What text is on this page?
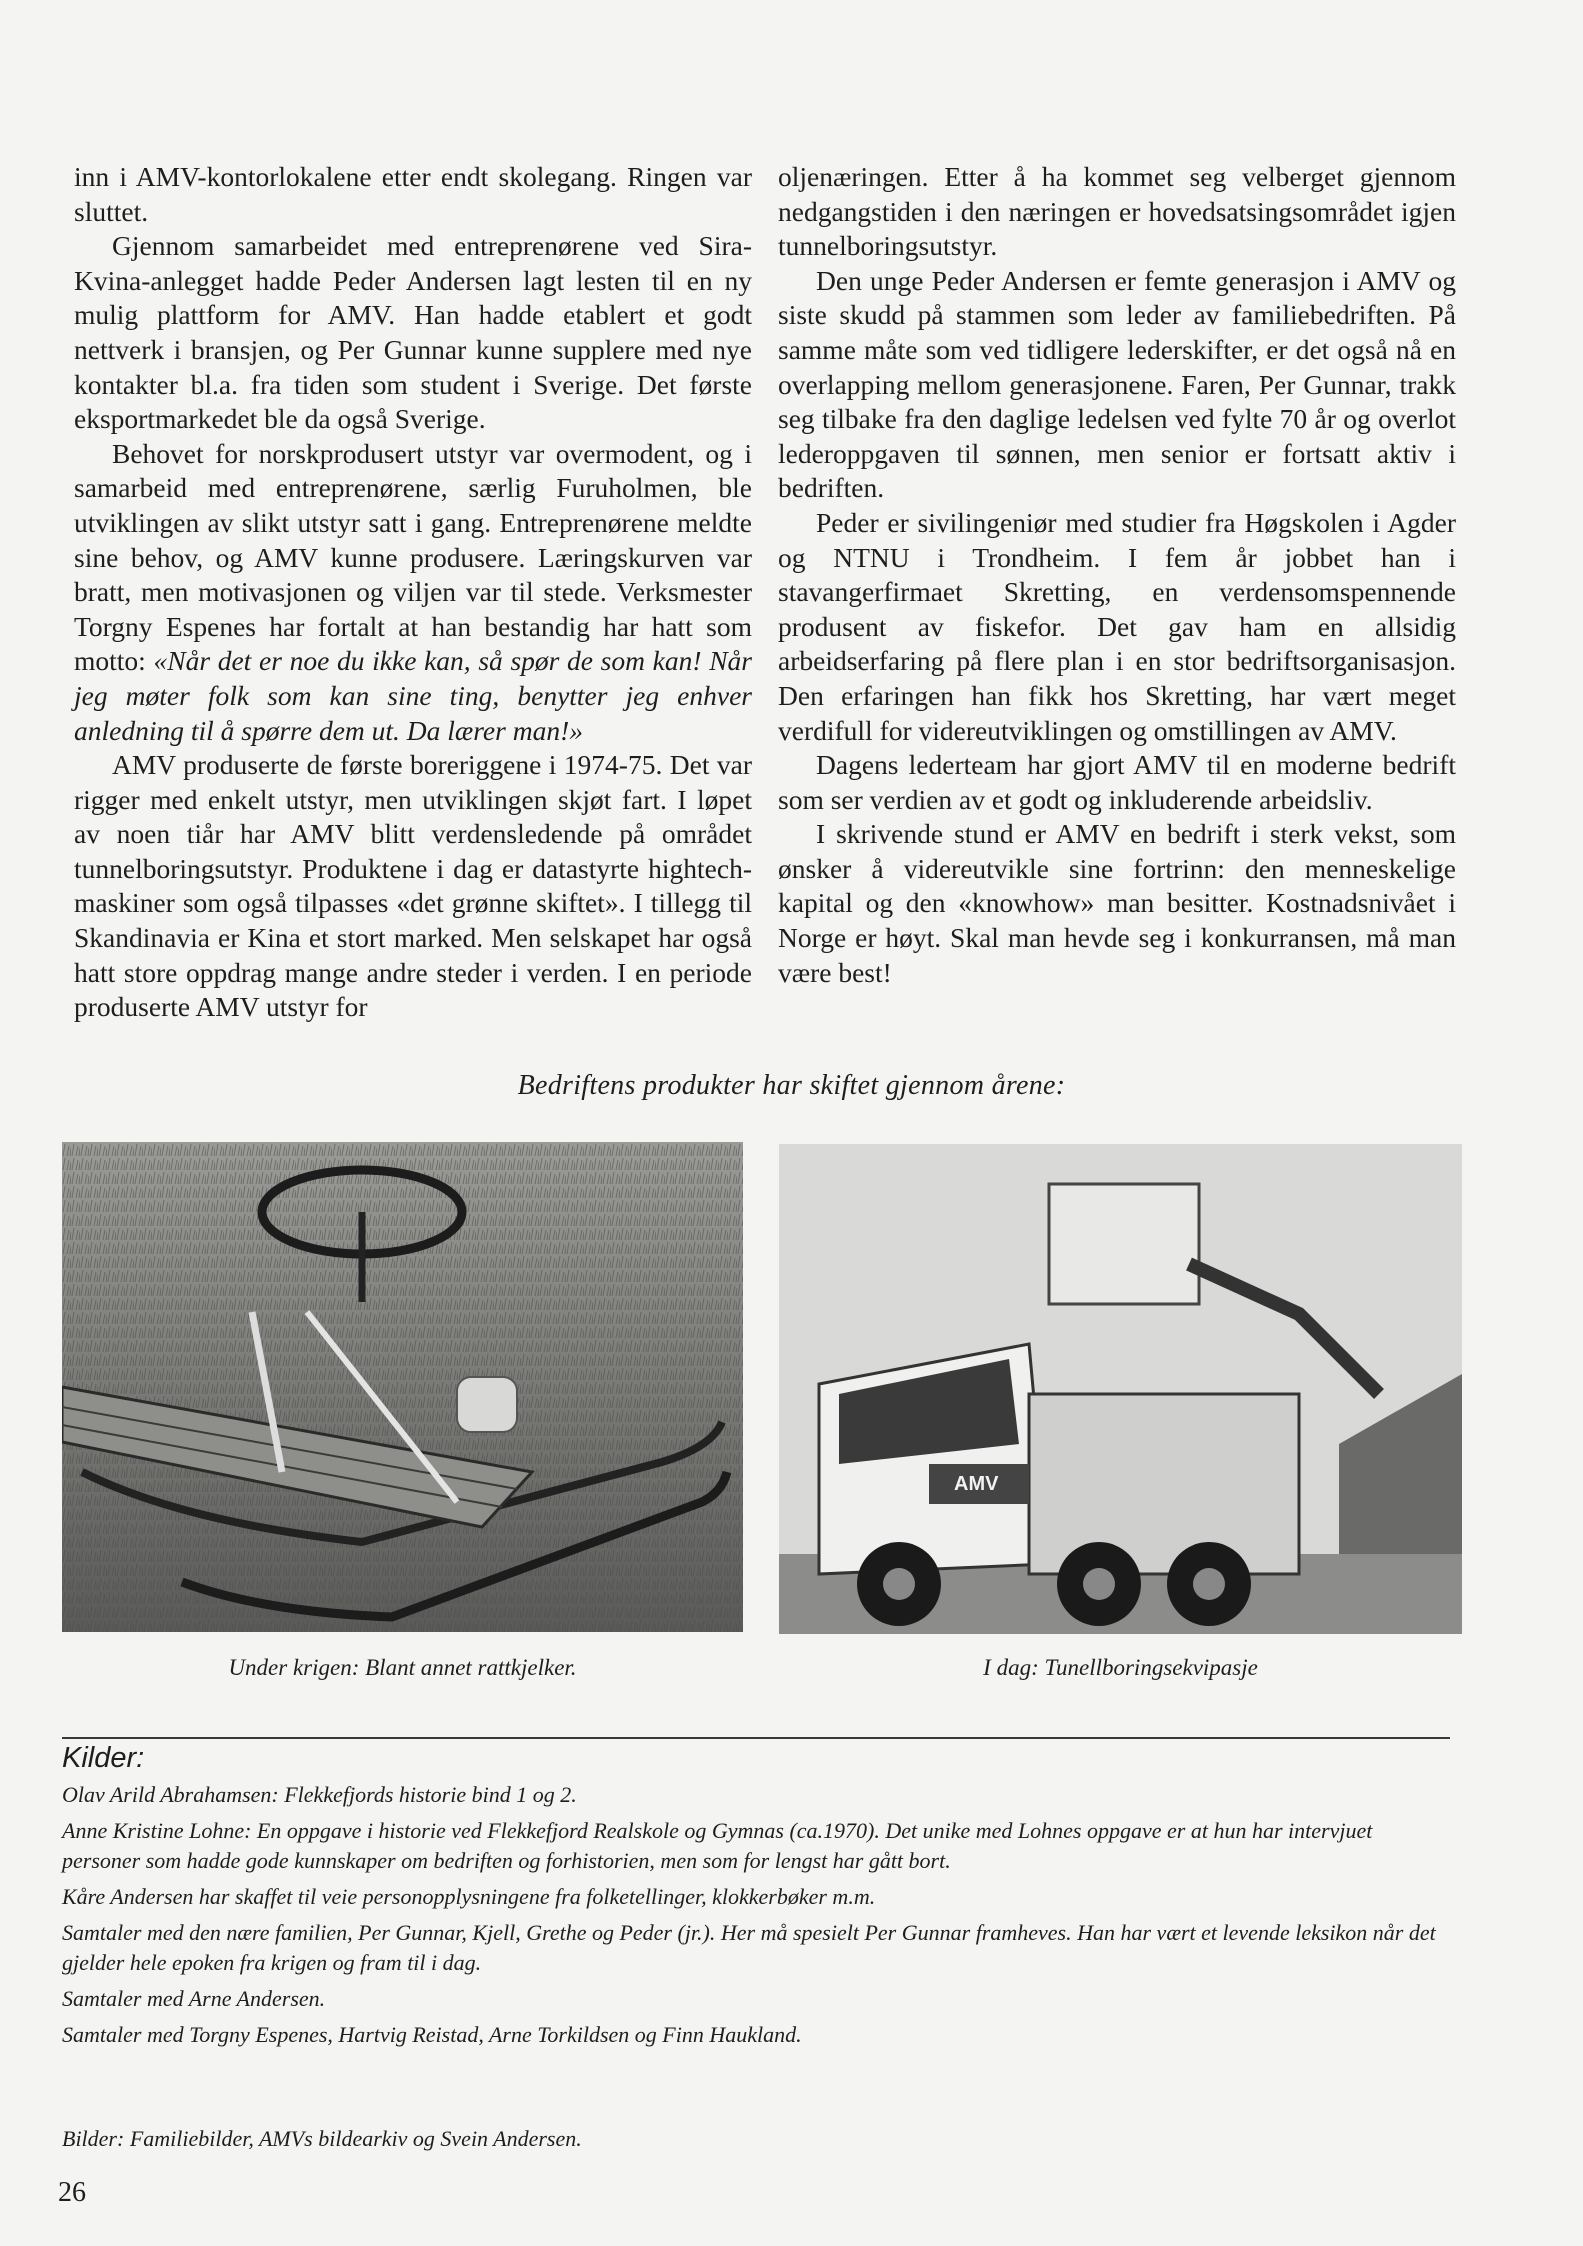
inn i AMV-kontorlokalene etter endt skolegang. Ringen var sluttet.

Gjennom samarbeidet med entreprenørene ved Sira-Kvina-anlegget hadde Peder Andersen lagt lesten til en ny mulig plattform for AMV. Han hadde etablert et godt nettverk i bransjen, og Per Gunnar kunne supplere med nye kontakter bl.a. fra tiden som student i Sverige. Det første eksportmarkedet ble da også Sverige.

Behovet for norskprodusert utstyr var overmodent, og i samarbeid med entreprenørene, særlig Furuholmen, ble utviklingen av slikt utstyr satt i gang. Entreprenørene meldte sine behov, og AMV kunne produsere. Læringskurven var bratt, men motivasjonen og viljen var til stede. Verksmester Torgny Espenes har fortalt at han bestandig har hatt som motto: «Når det er noe du ikke kan, så spør de som kan! Når jeg møter folk som kan sine ting, benytter jeg enhver anledning til å spørre dem ut. Da lærer man!»

AMV produserte de første boreriggene i 1974-75. Det var rigger med enkelt utstyr, men utviklingen skjøt fart. I løpet av noen tiår har AMV blitt verdensledende på området tunnelboringsutstyr. Produktene i dag er datastyrte hightech-maskiner som også tilpasses «det grønne skiftet». I tillegg til Skandinavia er Kina et stort marked. Men selskapet har også hatt store oppdrag mange andre steder i verden. I en periode produserte AMV utstyr for

oljenæringen. Etter å ha kommet seg velberget gjennom nedgangstiden i den næringen er hovedsatsingsområdet igjen tunnelboringsutstyr.

Den unge Peder Andersen er femte generasjon i AMV og siste skudd på stammen som leder av familiebedriften. På samme måte som ved tidligere lederskifter, er det også nå en overlapping mellom generasjonene. Faren, Per Gunnar, trakk seg tilbake fra den daglige ledelsen ved fylte 70 år og overlot lederoppgaven til sønnen, men senior er fortsatt aktiv i bedriften.

Peder er sivilingeniør med studier fra Høgskolen i Agder og NTNU i Trondheim. I fem år jobbet han i stavangerfirmaet Skretting, en verdensomspennende produsent av fiskefor. Det gav ham en allsidig arbeidserfaring på flere plan i en stor bedriftsorganisasjon. Den erfaringen han fikk hos Skretting, har vært meget verdifull for videreutviklingen og omstillingen av AMV.

Dagens lederteam har gjort AMV til en moderne bedrift som ser verdien av et godt og inkluderende arbeidsliv.

I skrivende stund er AMV en bedrift i sterk vekst, som ønsker å videreutvikle sine fortrinn: den menneskelige kapital og den «knowhow» man besitter. Kostnadsnivået i Norge er høyt. Skal man hevde seg i konkurransen, må man være best!

Bedriftens produkter har skiftet gjennom årene:
AMV
Under krigen: Blant annet rattkjelker.	I dag: Tunellboringsekvipasje
Kilder:

Olav Arild Abrahamsen: Flekkefjords historie bind 1 og 2.

Anne Kristine Lohne: En oppgave i historie ved Flekkefjord Realskole og Gymnas (ca.1970). Det unike med Lohnes oppgave er at hun har intervjuet personer som hadde gode kunnskaper om bedriften og forhistorien, men som for lengst har gått bort.

Kåre Andersen har skaffet til veie personopplysningene fra folketellinger, klokkerbøker m.m.

Samtaler med den nære familien, Per Gunnar, Kjell, Grethe og Peder (jr.). Her må spesielt Per Gunnar framheves. Han har vært et levende leksikon når det gjelder hele epoken fra krigen og fram til i dag.

Samtaler med Arne Andersen.

Samtaler med Torgny Espenes, Hartvig Reistad, Arne Torkildsen og Finn Haukland.

Bilder: Familiebilder, AMVs bildearkiv og Svein Andersen.
26
